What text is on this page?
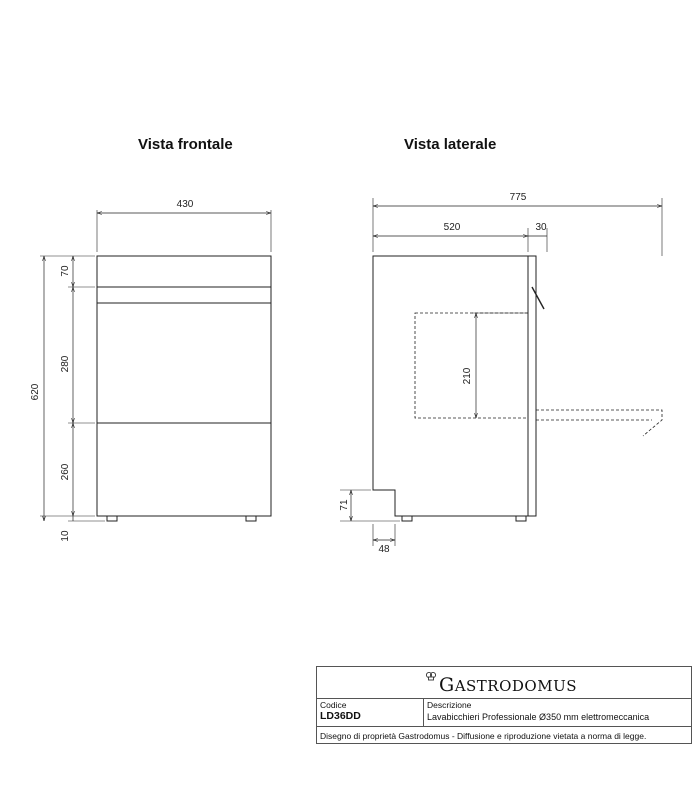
Vista frontale	Vista laterale
430
620
70
280
260
10
775
520	30
210
71
48
GASTRODOMUS
Codice
LD36DD
Descrizione
Lavabicchieri Professionale Ø350 mm elettromeccanica
Disegno di proprietà Gastrodomus - Diffusione e riproduzione vietata a norma di legge.
